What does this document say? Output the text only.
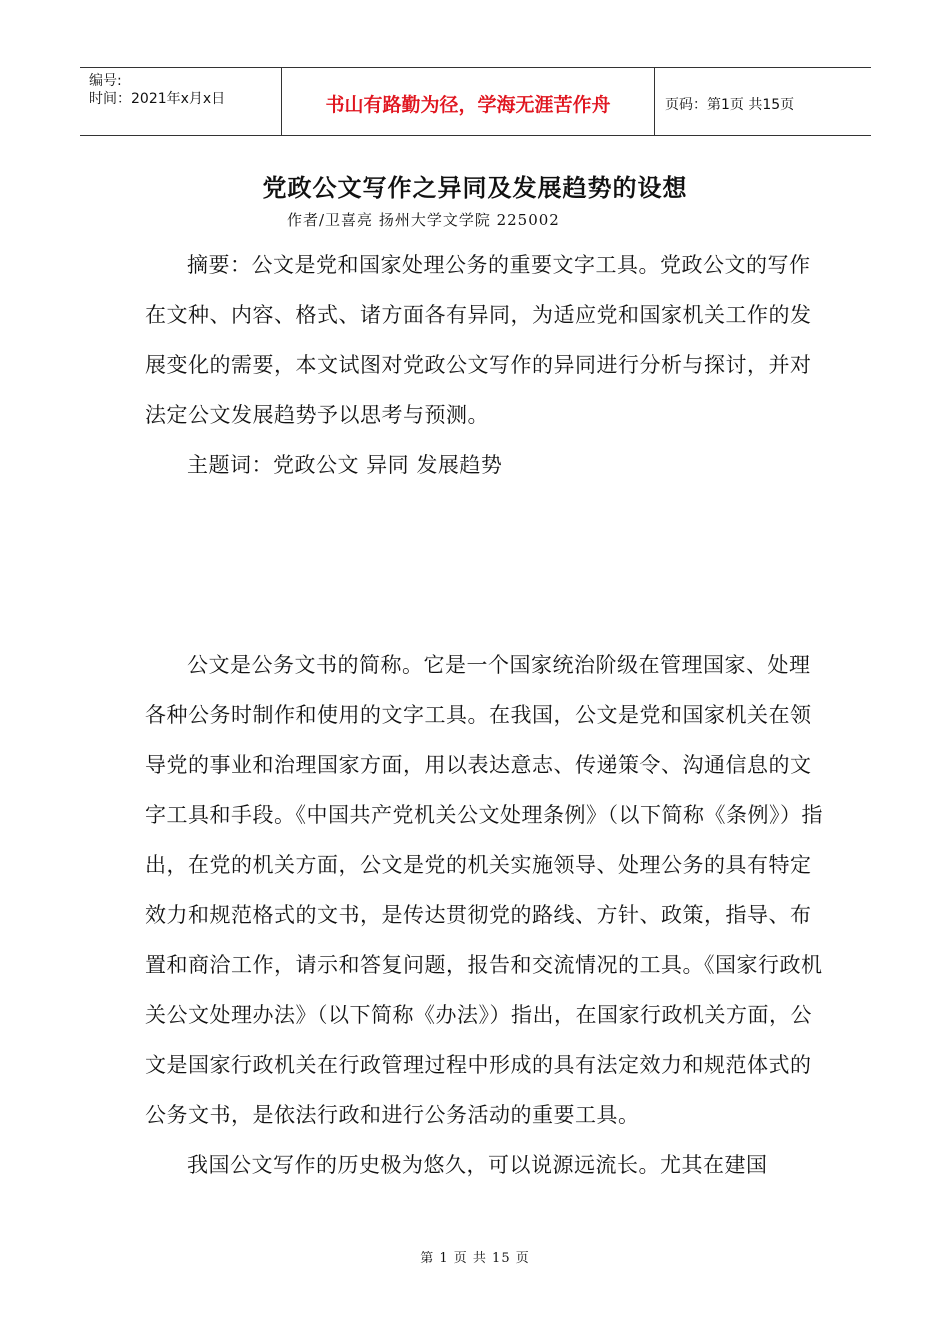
编号:
时间：2021年x月x日	书山有路勤为径，学海无涯苦作舟	页码：第1页 共15页
党政公文写作之异同及发展趋势的设想
作者/卫喜亮 扬州大学文学院 225002

摘要：公文是党和国家处理公务的重要文字工具。党政公文的写作在文种、内容、格式、诸方面各有异同，为适应党和国家机关工作的发展变化的需要，本文试图对党政公文写作的异同进行分析与探讨，并对法定公文发展趋势予以思考与预测。

主题词：党政公文 异同 发展趋势

公文是公务文书的简称。它是一个国家统治阶级在管理国家、处理各种公务时制作和使用的文字工具。在我国，公文是党和国家机关在领导党的事业和治理国家方面，用以表达意志、传递策令、沟通信息的文字工具和手段。《中国共产党机关公文处理条例》（以下简称《条例》）指出，在党的机关方面，公文是党的机关实施领导、处理公务的具有特定效力和规范格式的文书，是传达贯彻党的路线、方针、政策，指导、布置和商洽工作，请示和答复问题，报告和交流情况的工具。《国家行政机关公文处理办法》（以下简称《办法》）指出，在国家行政机关方面，公文是国家行政机关在行政管理过程中形成的具有法定效力和规范体式的公务文书，是依法行政和进行公务活动的重要工具。

我国公文写作的历史极为悠久，可以说源远流长。尤其在建国

第 1 页 共 15 页
